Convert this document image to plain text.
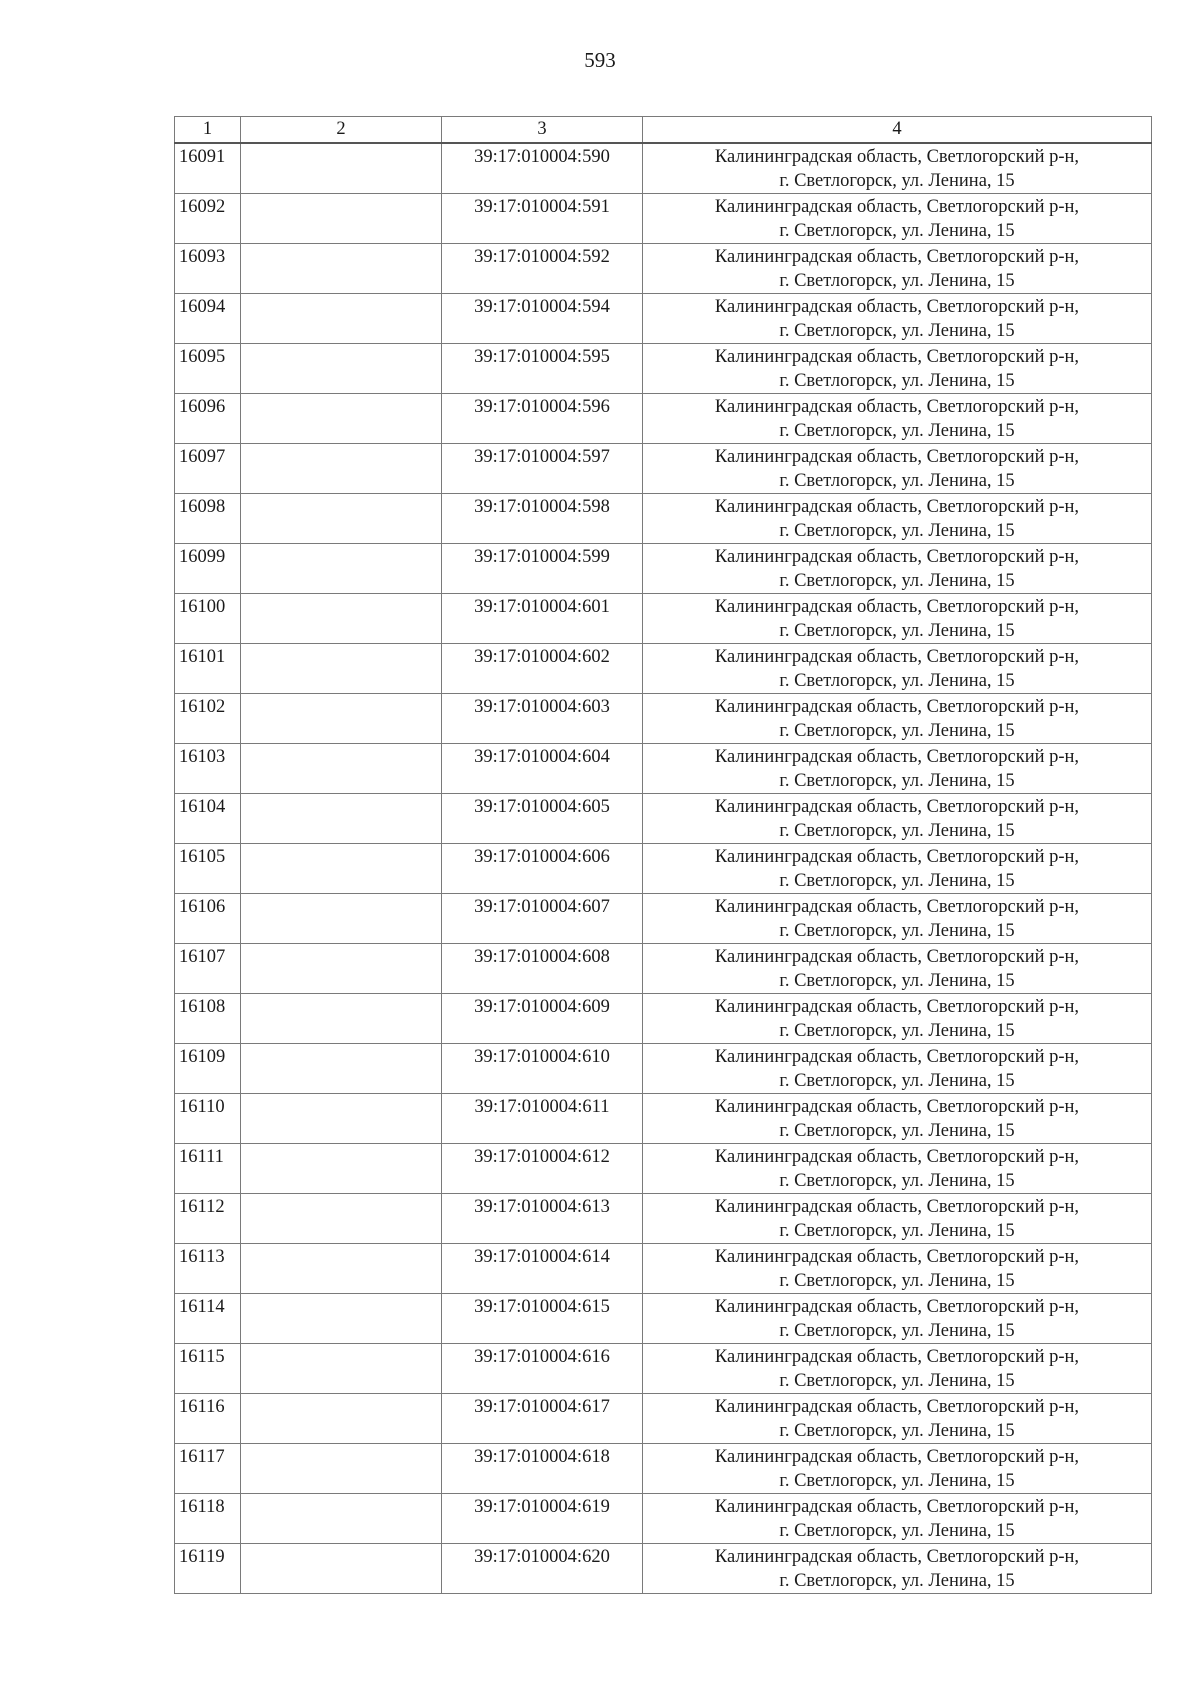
593
1	2	3	4
16091		39:17:010004:590	Калининградская область, Светлогорский р-н,
г. Светлогорск, ул. Ленина, 15

16092		39:17:010004:591	Калининградская область, Светлогорский р-н,
г. Светлогорск, ул. Ленина, 15

16093		39:17:010004:592	Калининградская область, Светлогорский р-н,
г. Светлогорск, ул. Ленина, 15

16094		39:17:010004:594	Калининградская область, Светлогорский р-н,
г. Светлогорск, ул. Ленина, 15

16095		39:17:010004:595	Калининградская область, Светлогорский р-н,
г. Светлогорск, ул. Ленина, 15

16096		39:17:010004:596	Калининградская область, Светлогорский р-н,
г. Светлогорск, ул. Ленина, 15

16097		39:17:010004:597	Калининградская область, Светлогорский р-н,
г. Светлогорск, ул. Ленина, 15

16098		39:17:010004:598	Калининградская область, Светлогорский р-н,
г. Светлогорск, ул. Ленина, 15

16099		39:17:010004:599	Калининградская область, Светлогорский р-н,
г. Светлогорск, ул. Ленина, 15

16100		39:17:010004:601	Калининградская область, Светлогорский р-н,
г. Светлогорск, ул. Ленина, 15

16101		39:17:010004:602	Калининградская область, Светлогорский р-н,
г. Светлогорск, ул. Ленина, 15

16102		39:17:010004:603	Калининградская область, Светлогорский р-н,
г. Светлогорск, ул. Ленина, 15

16103		39:17:010004:604	Калининградская область, Светлогорский р-н,
г. Светлогорск, ул. Ленина, 15

16104		39:17:010004:605	Калининградская область, Светлогорский р-н,
г. Светлогорск, ул. Ленина, 15

16105		39:17:010004:606	Калининградская область, Светлогорский р-н,
г. Светлогорск, ул. Ленина, 15

16106		39:17:010004:607	Калининградская область, Светлогорский р-н,
г. Светлогорск, ул. Ленина, 15

16107		39:17:010004:608	Калининградская область, Светлогорский р-н,
г. Светлогорск, ул. Ленина, 15

16108		39:17:010004:609	Калининградская область, Светлогорский р-н,
г. Светлогорск, ул. Ленина, 15

16109		39:17:010004:610	Калининградская область, Светлогорский р-н,
г. Светлогорск, ул. Ленина, 15

16110		39:17:010004:611	Калининградская область, Светлогорский р-н,
г. Светлогорск, ул. Ленина, 15

16111		39:17:010004:612	Калининградская область, Светлогорский р-н,
г. Светлогорск, ул. Ленина, 15

16112		39:17:010004:613	Калининградская область, Светлогорский р-н,
г. Светлогорск, ул. Ленина, 15

16113		39:17:010004:614	Калининградская область, Светлогорский р-н,
г. Светлогорск, ул. Ленина, 15

16114		39:17:010004:615	Калининградская область, Светлогорский р-н,
г. Светлогорск, ул. Ленина, 15

16115		39:17:010004:616	Калининградская область, Светлогорский р-н,
г. Светлогорск, ул. Ленина, 15

16116		39:17:010004:617	Калининградская область, Светлогорский р-н,
г. Светлогорск, ул. Ленина, 15

16117		39:17:010004:618	Калининградская область, Светлогорский р-н,
г. Светлогорск, ул. Ленина, 15

16118		39:17:010004:619	Калининградская область, Светлогорский р-н,
г. Светлогорск, ул. Ленина, 15

16119		39:17:010004:620	Калининградская область, Светлогорский р-н,
г. Светлогорск, ул. Ленина, 15
